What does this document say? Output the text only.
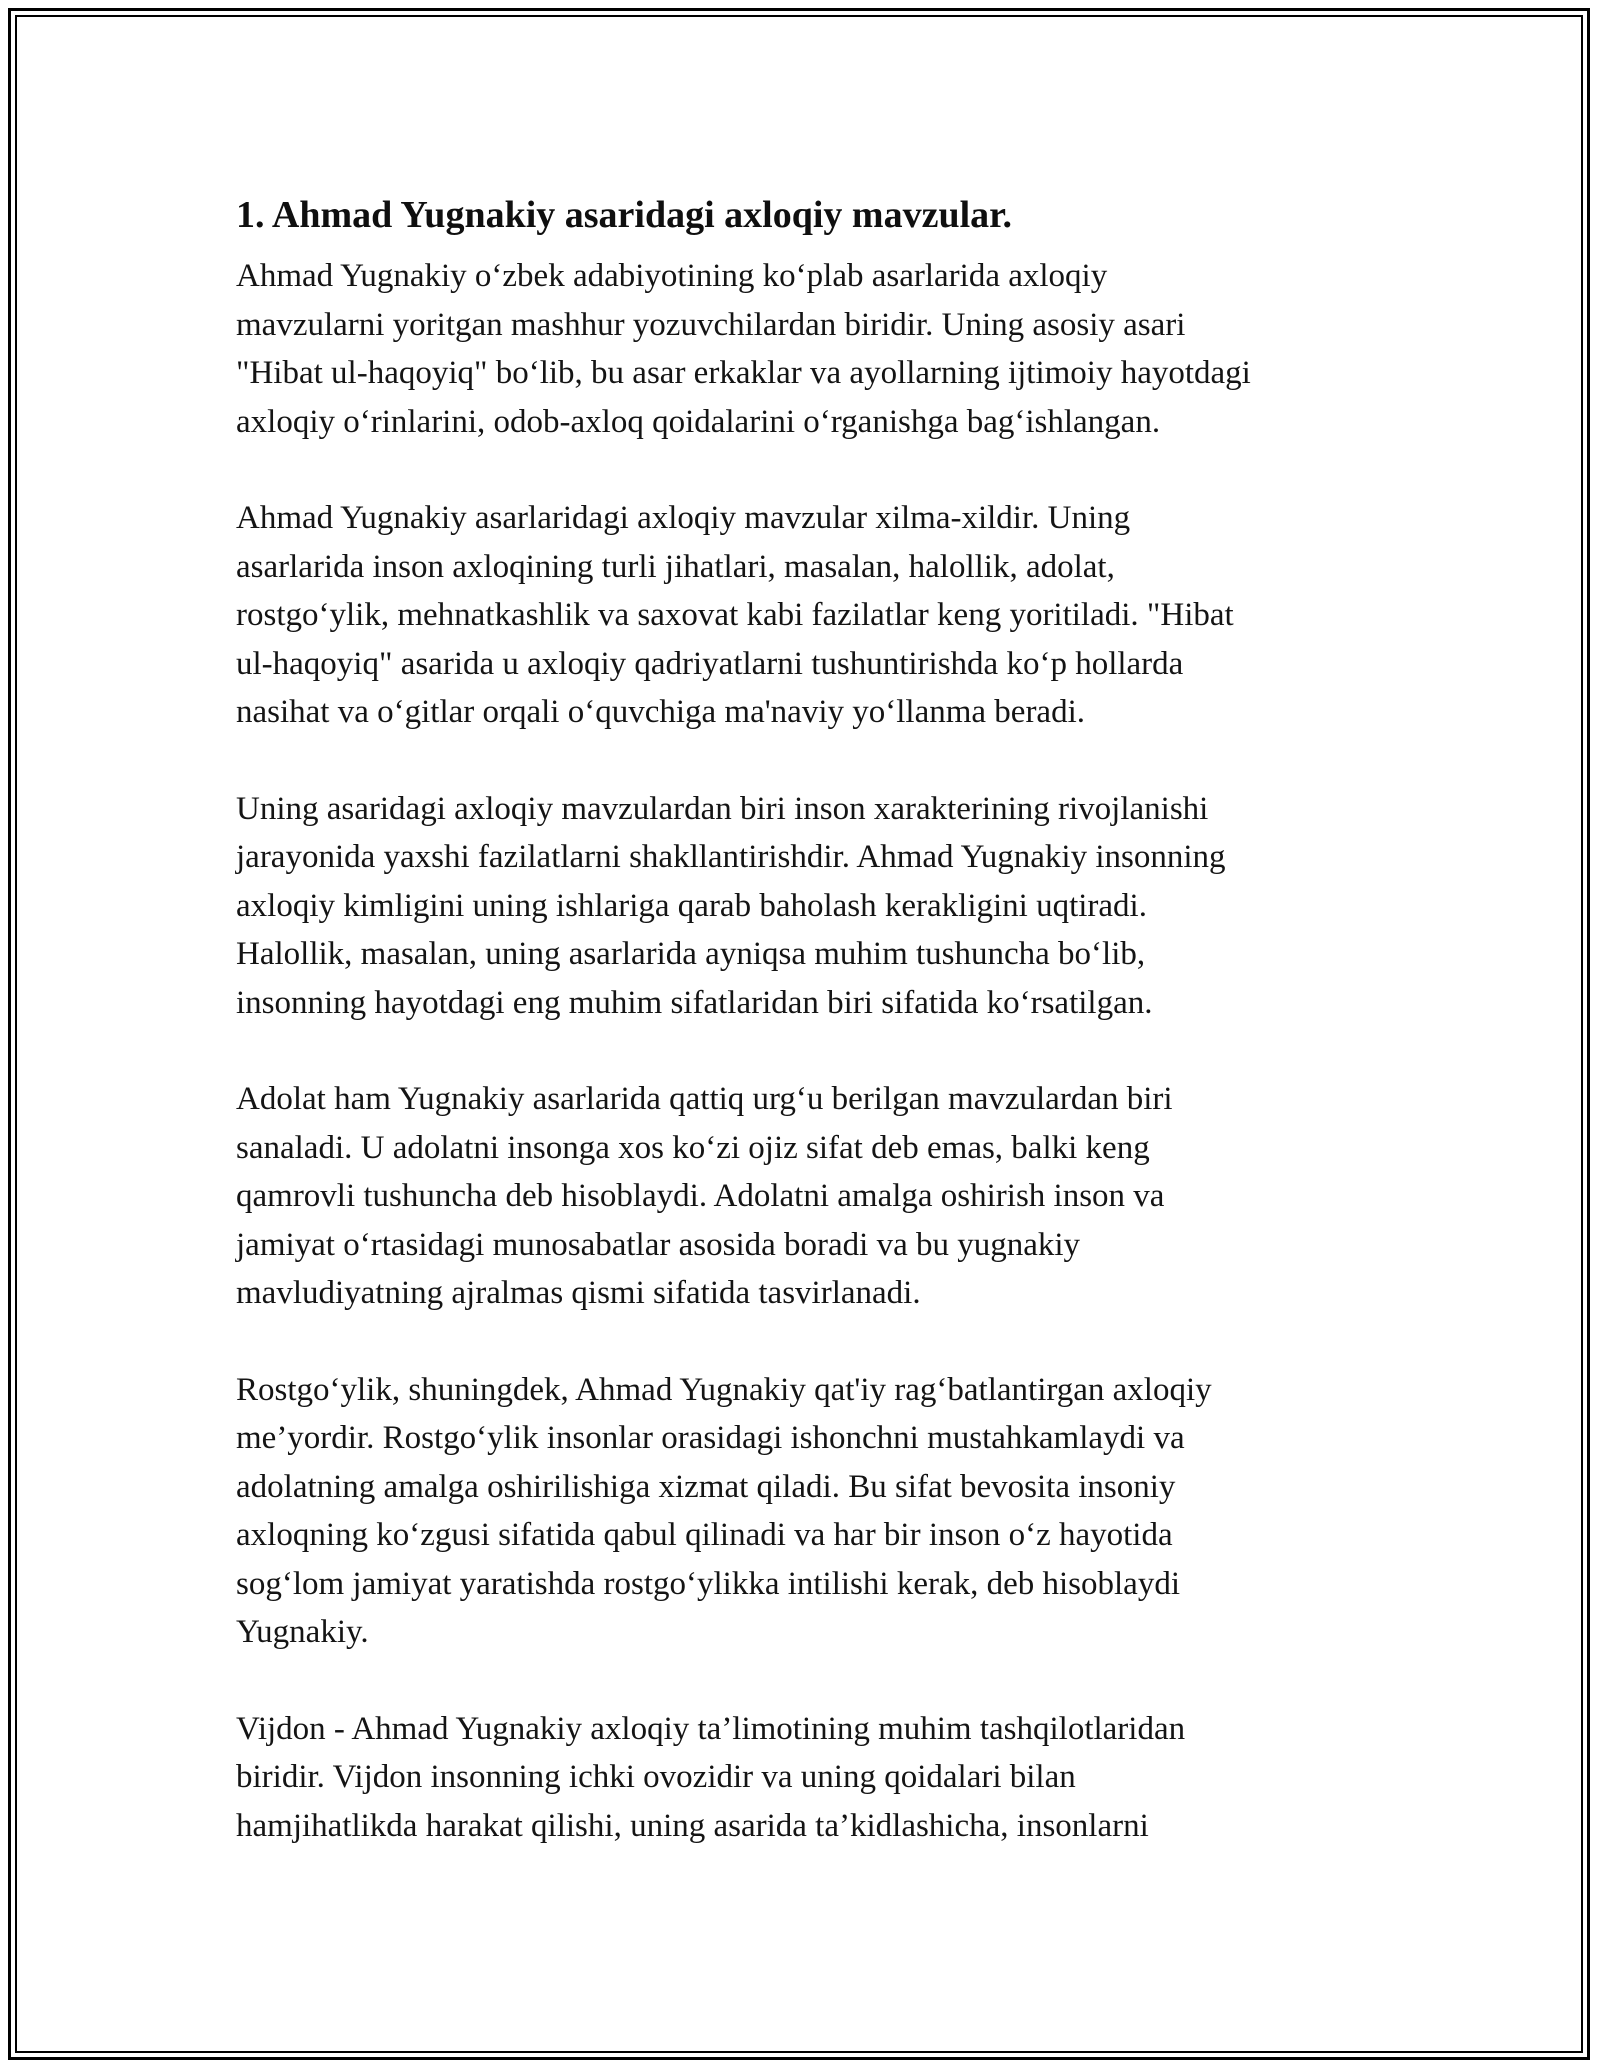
1. Ahmad Yugnakiy asaridagi axloqiy mavzular.
Ahmad Yugnakiy o‘zbek adabiyotining ko‘plab asarlarida axloqiy
mavzularni yoritgan mashhur yozuvchilardan biridir. Uning asosiy asari
"Hibat ul-haqoyiq" bo‘lib, bu asar erkaklar va ayollarning ijtimoiy hayotdagi
axloqiy o‘rinlarini, odob-axloq qoidalarini o‘rganishga bag‘ishlangan.
Ahmad Yugnakiy asarlaridagi axloqiy mavzular xilma-xildir. Uning
asarlarida inson axloqining turli jihatlari, masalan, halollik, adolat,
rostgo‘ylik, mehnatkashlik va saxovat kabi fazilatlar keng yoritiladi. "Hibat
ul-haqoyiq" asarida u axloqiy qadriyatlarni tushuntirishda ko‘p hollarda
nasihat va o‘gitlar orqali o‘quvchiga ma'naviy yo‘llanma beradi.
Uning asaridagi axloqiy mavzulardan biri inson xarakterining rivojlanishi
jarayonida yaxshi fazilatlarni shakllantirishdir. Ahmad Yugnakiy insonning
axloqiy kimligini uning ishlariga qarab baholash kerakligini uqtiradi.
Halollik, masalan, uning asarlarida ayniqsa muhim tushuncha bo‘lib,
insonning hayotdagi eng muhim sifatlaridan biri sifatida ko‘rsatilgan.
Adolat ham Yugnakiy asarlarida qattiq urg‘u berilgan mavzulardan biri
sanaladi. U adolatni insonga xos ko‘zi ojiz sifat deb emas, balki keng
qamrovli tushuncha deb hisoblaydi. Adolatni amalga oshirish inson va
jamiyat o‘rtasidagi munosabatlar asosida boradi va bu yugnakiy
mavludiyatning ajralmas qismi sifatida tasvirlanadi.
Rostgo‘ylik, shuningdek, Ahmad Yugnakiy qat'iy rag‘batlantirgan axloqiy
me’yordir. Rostgo‘ylik insonlar orasidagi ishonchni mustahkamlaydi va
adolatning amalga oshirilishiga xizmat qiladi. Bu sifat bevosita insoniy
axloqning ko‘zgusi sifatida qabul qilinadi va har bir inson o‘z hayotida
sog‘lom jamiyat yaratishda rostgo‘ylikka intilishi kerak, deb hisoblaydi
Yugnakiy.
Vijdon - Ahmad Yugnakiy axloqiy ta’limotining muhim tashqilotlaridan
biridir. Vijdon insonning ichki ovozidir va uning qoidalari bilan
hamjihatlikda harakat qilishi, uning asarida ta’kidlashicha, insonlarni
